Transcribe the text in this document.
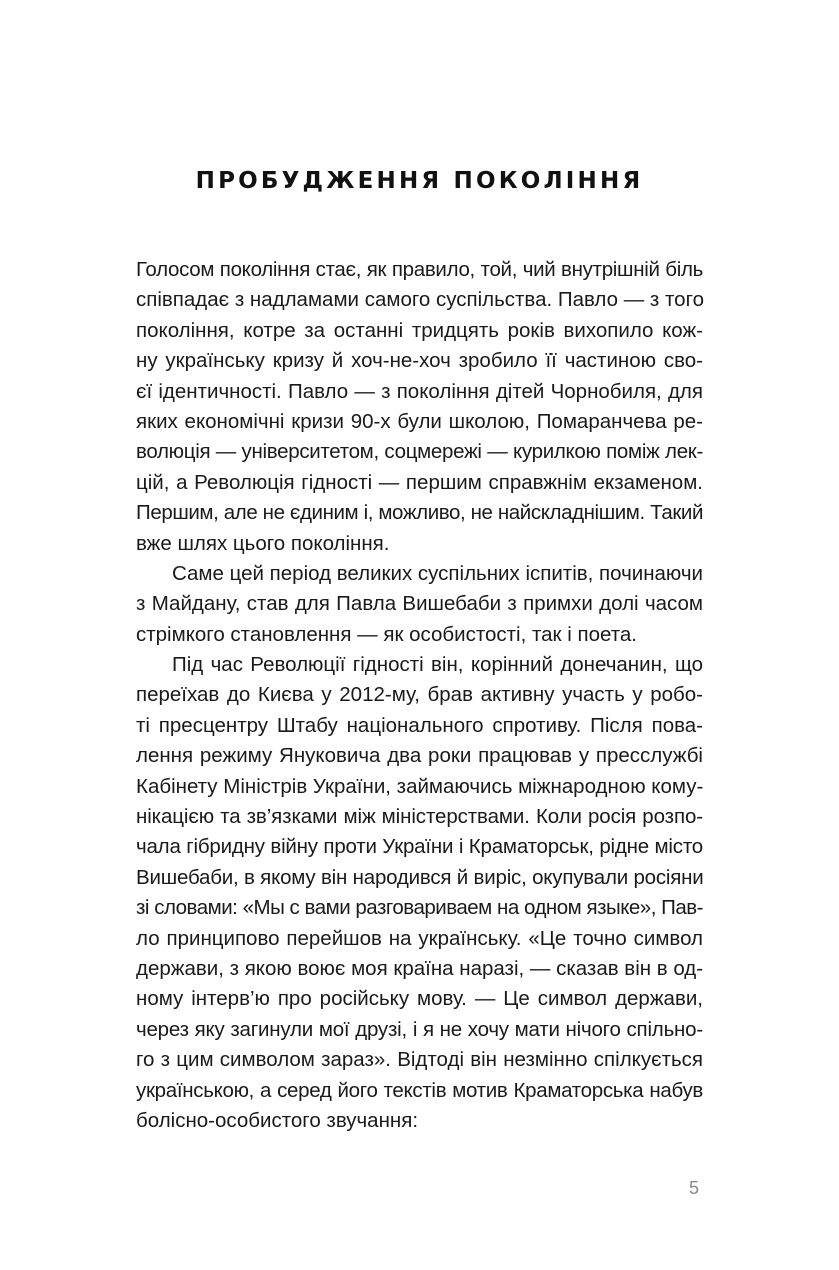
ПРОБУДЖЕННЯ ПОКОЛІННЯ

Голосом покоління стає, як правило, той, чий внутрішній біль
співпадає з надламами самого суспільства. Павло — з того
покоління, котре за останні тридцять років вихопило кож-
ну українську кризу й хоч-не-хоч зробило її частиною сво-
єї ідентичності. Павло — з покоління дітей Чорнобиля, для
яких економічні кризи 90-х були школою, Помаранчева ре-
волюція — університетом, соцмережі — курилкою поміж лек-
цій, а Революція гідності — першим справжнім екзаменом.
Першим, але не єдиним і, можливо, не найскладнішим. Такий
вже шлях цього покоління.

Саме цей період великих суспільних іспитів, починаючи
з Майдану, став для Павла Вишебаби з примхи долі часом
стрімкого становлення — як особистості, так і поета.

Під час Революції гідності він, корінний донечанин, що
переїхав до Києва у 2012-му, брав активну участь у робо-
ті пресцентру Штабу національного спротиву. Після пова-
лення режиму Януковича два роки працював у пресслужбі
Кабінету Міністрів України, займаючись міжнародною кому-
нікацією та зв’язками між міністерствами. Коли росія розпо-
чала гібридну війну проти України і Краматорськ, рідне місто
Вишебаби, в якому він народився й виріс, окупували росіяни
зі словами: «Мы с вами разговариваем на одном языке», Пав-
ло принципово перейшов на українську. «Це точно символ
держави, з якою воює моя країна наразі, — сказав він в од-
ному інтерв’ю про російську мову. — Це символ держави,
через яку загинули мої друзі, і я не хочу мати нічого спільно-
го з цим символом зараз». Відтоді він незмінно спілкується
українською, а серед його текстів мотив Краматорська набув
болісно-особистого звучання:

5
